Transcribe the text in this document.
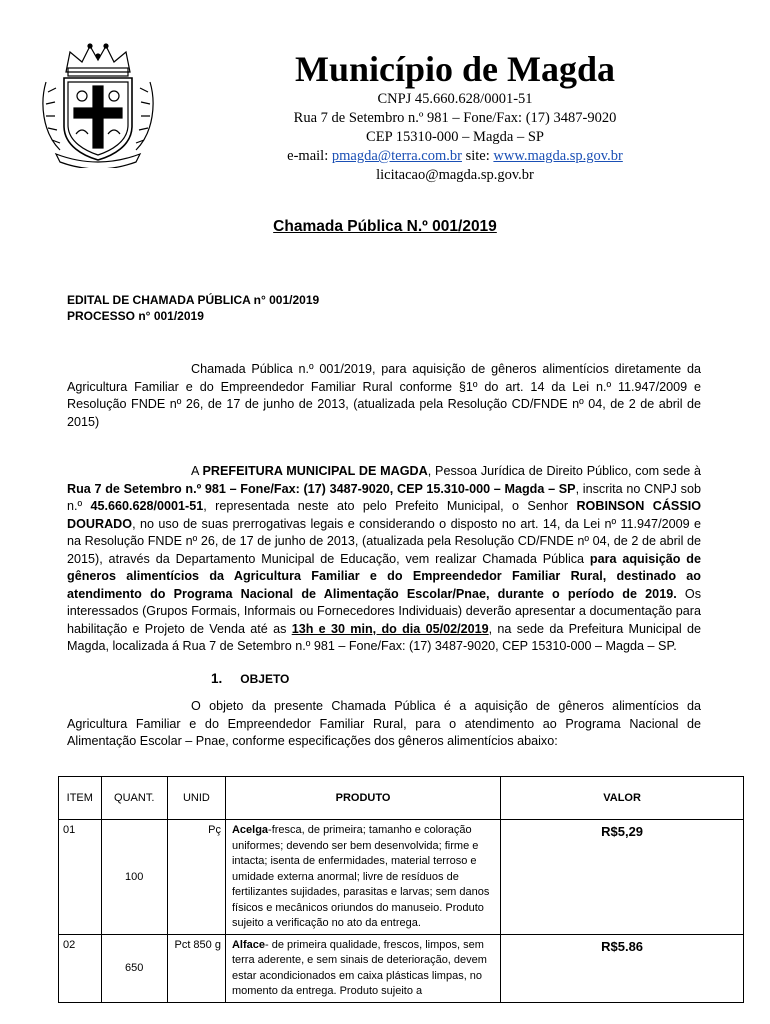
Município de Magda
CNPJ 45.660.628/0001-51
Rua 7 de Setembro n.º 981 – Fone/Fax: (17) 3487-9020
CEP 15310-000 – Magda – SP
e-mail: pmagda@terra.com.br site: www.magda.sp.gov.br
licitacao@magda.sp.gov.br
Chamada Pública N.º 001/2019
EDITAL DE CHAMADA PÚBLICA n° 001/2019
PROCESSO n° 001/2019
Chamada Pública n.º 001/2019, para aquisição de gêneros alimentícios diretamente da Agricultura Familiar e do Empreendedor Familiar Rural conforme §1º do art. 14 da Lei n.º 11.947/2009 e Resolução FNDE nº 26, de 17 de junho de 2013, (atualizada pela Resolução CD/FNDE nº 04, de 2 de abril de 2015)
A PREFEITURA MUNICIPAL DE MAGDA, Pessoa Jurídica de Direito Público, com sede à Rua 7 de Setembro n.º 981 – Fone/Fax: (17) 3487-9020, CEP 15.310-000 – Magda – SP, inscrita no CNPJ sob n.º 45.660.628/0001-51, representada neste ato pelo Prefeito Municipal, o Senhor ROBINSON CÁSSIO DOURADO, no uso de suas prerrogativas legais e considerando o disposto no art. 14, da Lei nº 11.947/2009 e na Resolução FNDE nº 26, de 17 de junho de 2013, (atualizada pela Resolução CD/FNDE nº 04, de 2 de abril de 2015), através da Departamento Municipal de Educação, vem realizar Chamada Pública para aquisição de gêneros alimentícios da Agricultura Familiar e do Empreendedor Familiar Rural, destinado ao atendimento do Programa Nacional de Alimentação Escolar/Pnae, durante o período de 2019. Os interessados (Grupos Formais, Informais ou Fornecedores Individuais) deverão apresentar a documentação para habilitação e Projeto de Venda até as 13h e 30 min, do dia 05/02/2019, na sede da Prefeitura Municipal de Magda, localizada á Rua 7 de Setembro n.º 981 – Fone/Fax: (17) 3487-9020, CEP 15310-000 – Magda – SP.
1. OBJETO
O objeto da presente Chamada Pública é a aquisição de gêneros alimentícios da Agricultura Familiar e do Empreendedor Familiar Rural, para o atendimento ao Programa Nacional de Alimentação Escolar – Pnae, conforme especificações dos gêneros alimentícios abaixo:
ITEM	QUANT.	UNID	PRODUTO	VALOR
01	100	Pç	Acelga-fresca, de primeira; tamanho e coloração uniformes; devendo ser bem desenvolvida; firme e intacta; isenta de enfermidades, material terroso e umidade externa anormal; livre de resíduos de fertilizantes sujidades, parasitas e larvas; sem danos físicos e mecânicos oriundos do manuseio. Produto sujeito a verificação no ato da entrega.	R$5,29
02	650	Pct 850 g	Alface- de primeira qualidade, frescos, limpos, sem terra aderente, e sem sinais de deterioração, devem estar acondicionados em caixa plásticas limpas, no momento da entrega. Produto sujeito a	R$5.86
